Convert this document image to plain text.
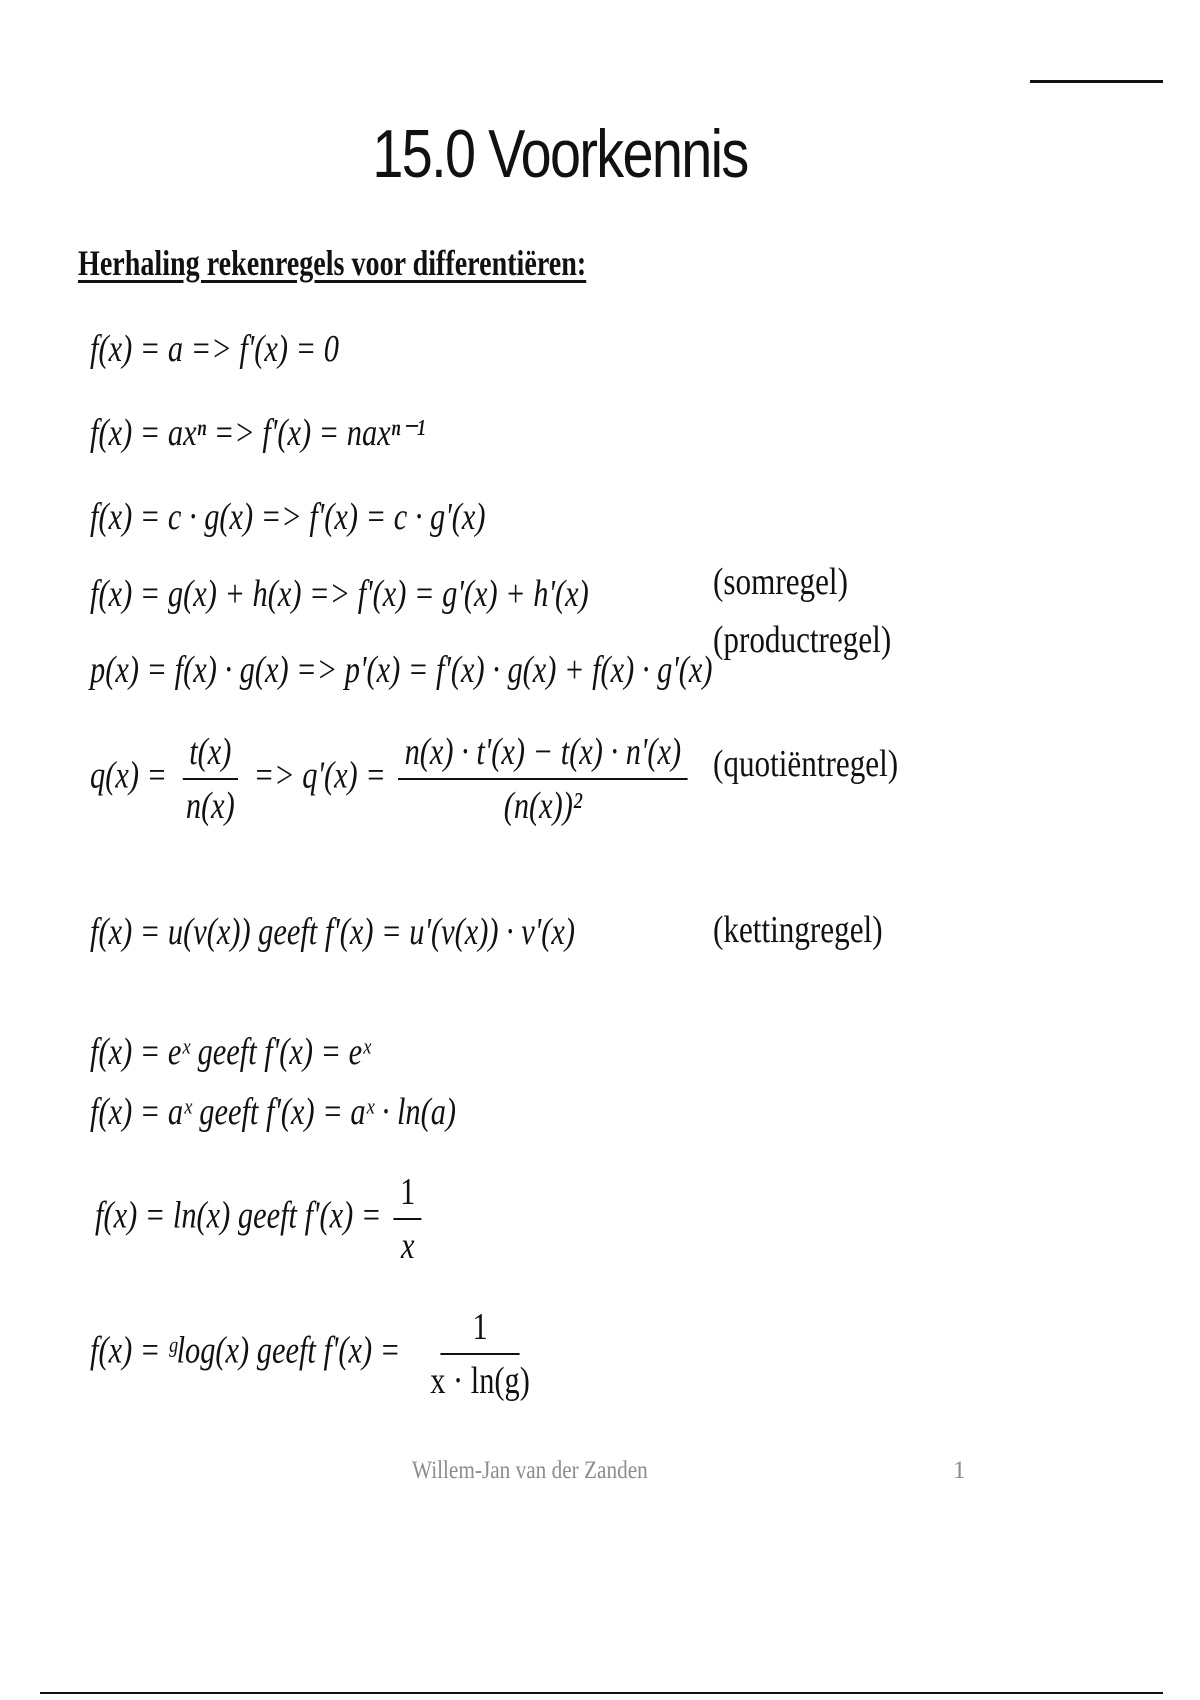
15.0 Voorkennis
Herhaling rekenregels voor differentiëren:
f(x) = a => f'(x) = 0
f(x) = axⁿ => f'(x) = naxⁿ⁻¹
f(x) = c · g(x) => f'(x) = c · g'(x)
f(x) = g(x) + h(x) => f'(x) = g'(x) + h'(x)
p(x) = f(x) · g(x) => p'(x) = f'(x) · g(x) + f(x) · g'(x)
$q(x) = \frac{t(x)}{n(x)} => q'(x) = \frac{n(x) \cdot t'(x) - t(x) \cdot n'(x)}{\text{(n(x))²}}$
f(x) = u(v(x)) geeft f'(x) = u'(v(x)) · v'(x)
(somregel)
(productregel)
(quotiëntregel)
(kettingregel)
f(x) = eˣ geeft f'(x) = eˣ
f(x) = aˣ geeft f'(x) = aˣ · ln(a)
f(x) = ln(x) geeft $f'(x) = \frac{1}{x}$
f(x) = ᵍlog(x) geeft $f'(x) = \frac{1}{x \cdot \ln(g)}$
Willem-Jan van der Zanden	1
